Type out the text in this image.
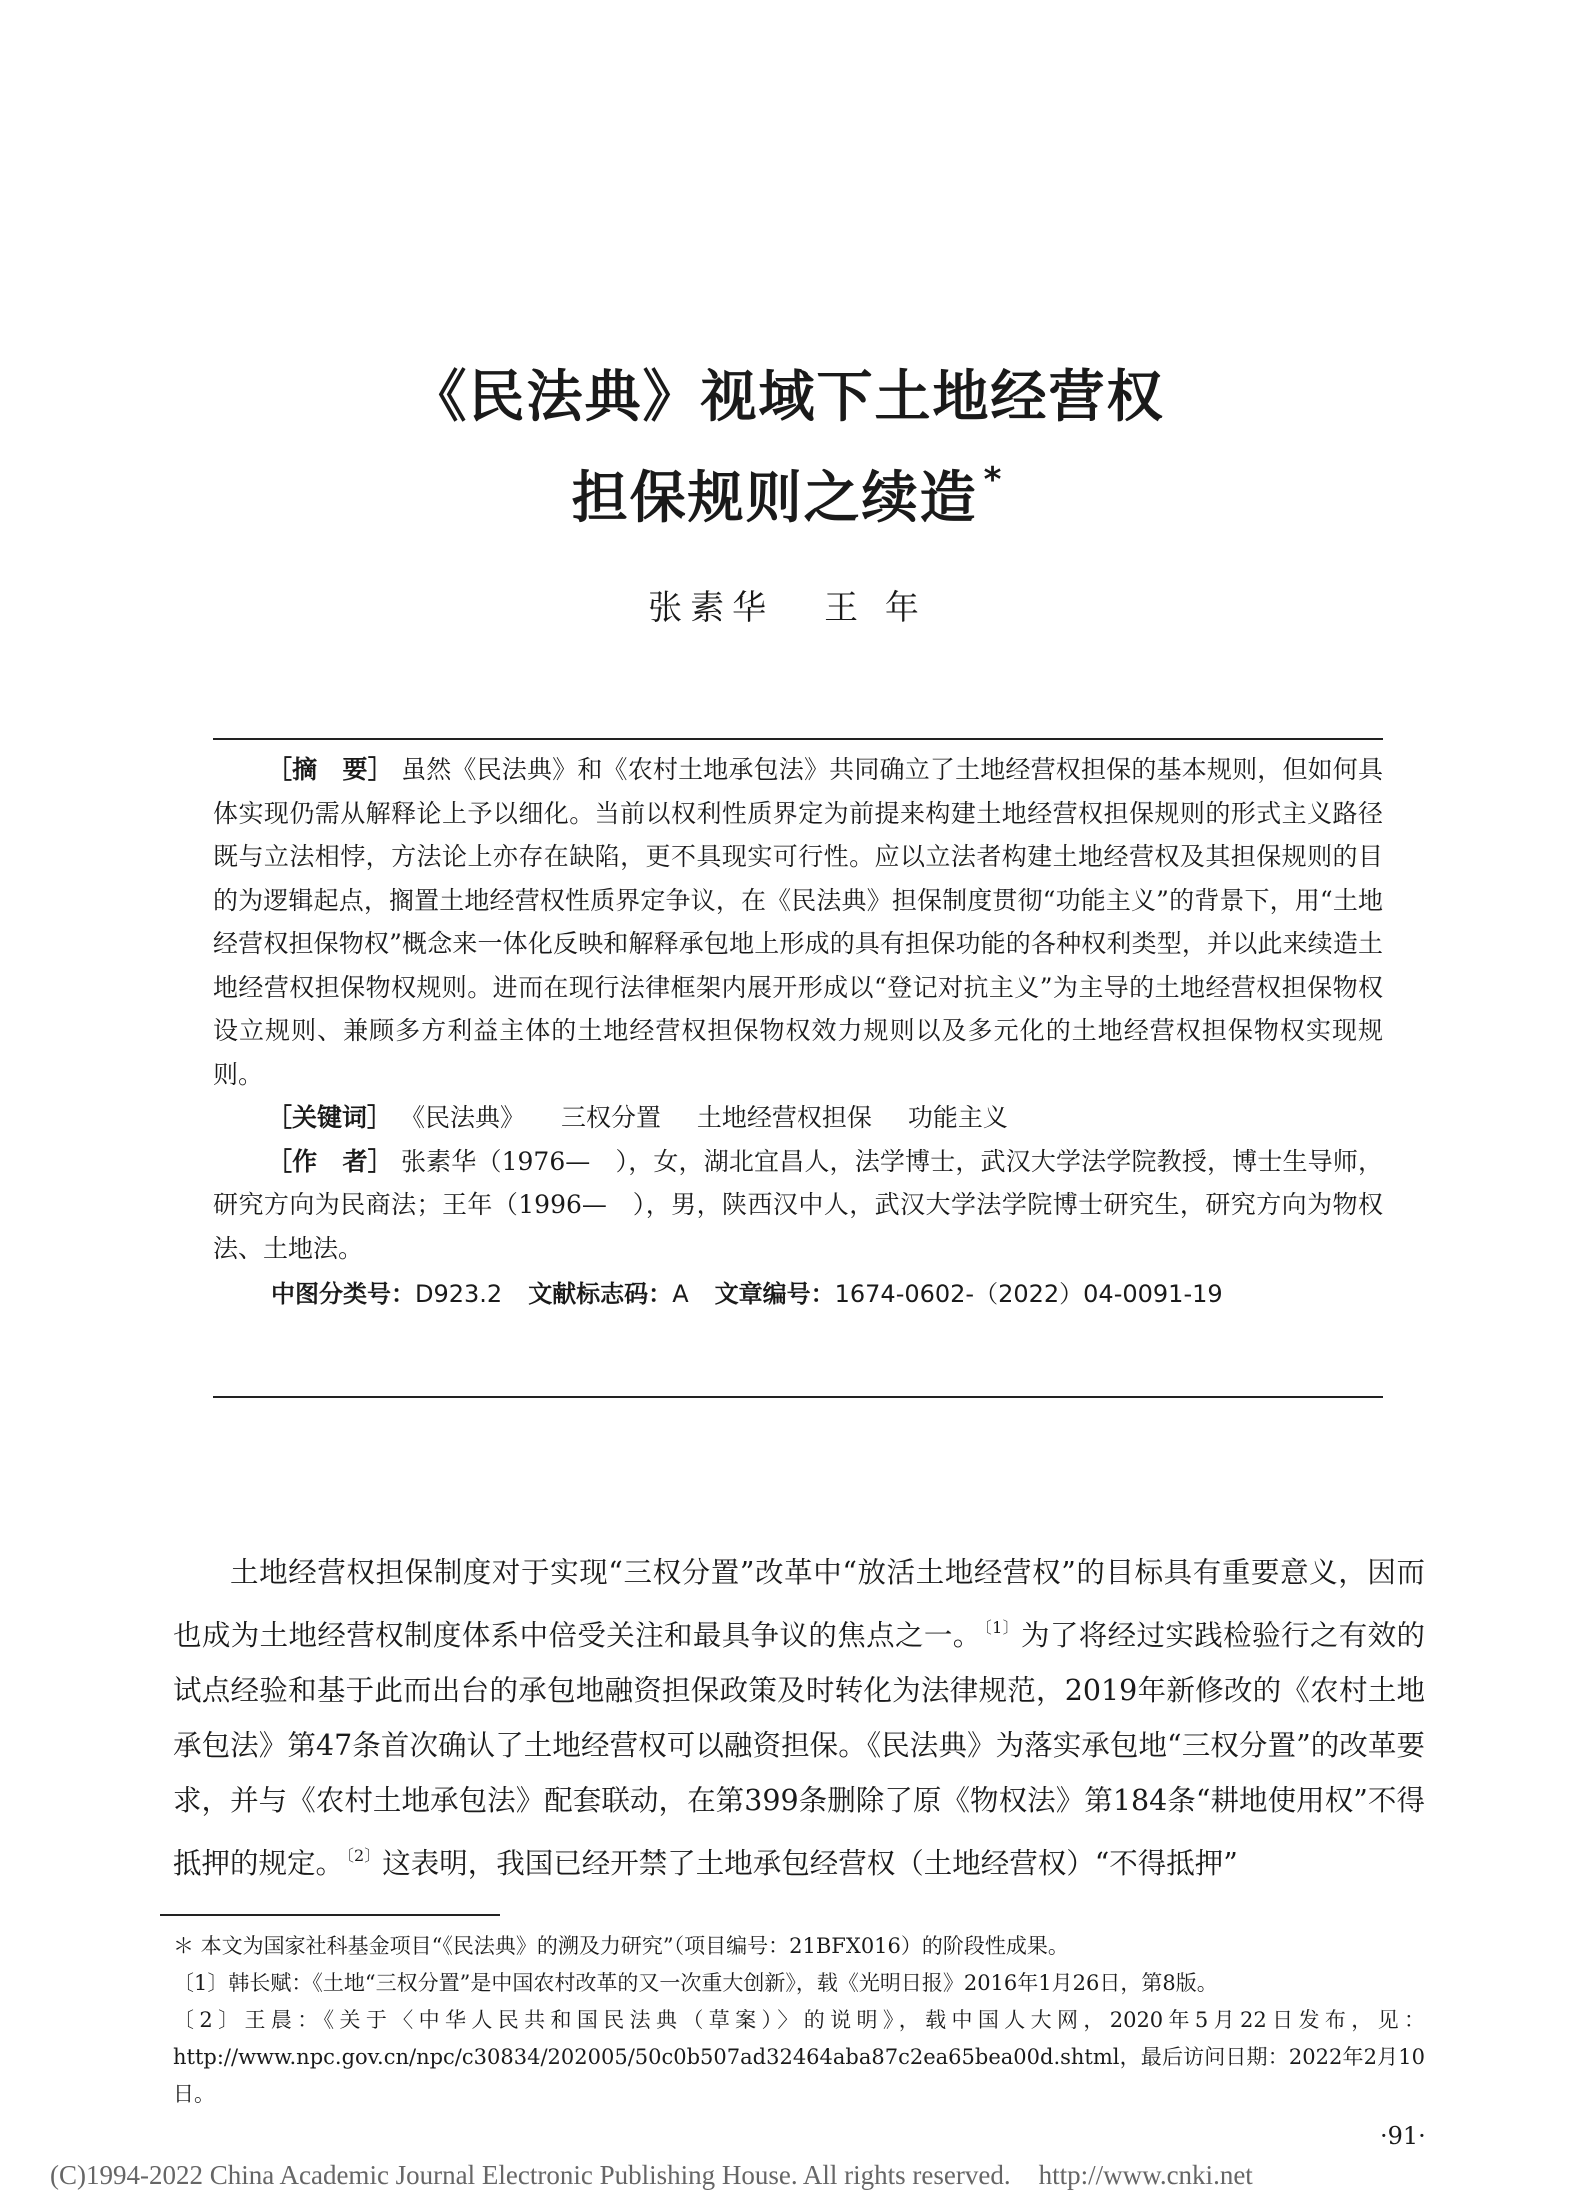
《民法典》视域下土地经营权
担保规则之续造 *
张素华 王 年

［摘　要］ 虽然《民法典》和《农村土地承包法》共同确立了土地经营权担保的基本规则，但如何具体实现仍需从解释论上予以细化。当前以权利性质界定为前提来构建土地经营权担保规则的形式主义路径既与立法相悖，方法论上亦存在缺陷，更不具现实可行性。应以立法者构建土地经营权及其担保规则的目的为逻辑起点，搁置土地经营权性质界定争议，在《民法典》担保制度贯彻“功能主义”的背景下，用“土地经营权担保物权”概念来一体化反映和解释承包地上形成的具有担保功能的各种权利类型，并以此来续造土地经营权担保物权规则。进而在现行法律框架内展开形成以“登记对抗主义”为主导的土地经营权担保物权设立规则、兼顾多方利益主体的土地经营权担保物权效力规则以及多元化的土地经营权担保物权实现规则。

［关键词］ 《民法典》 三权分置 土地经营权担保 功能主义

［作　者］ 张素华（1976—　），女，湖北宜昌人，法学博士，武汉大学法学院教授，博士生导师，研究方向为民商法；王年（1996—　），男，陕西汉中人，武汉大学法学院博士研究生，研究方向为物权法、土地法。

中图分类号：D923.2 文献标志码：A 文章编号：1674-0602-（2022）04-0091-19

土地经营权担保制度对于实现“三权分置”改革中“放活土地经营权”的目标具有重要意义，因而也成为土地经营权制度体系中倍受关注和最具争议的焦点之一。 $^{〔1〕}$为了将经过实践检验行之有效的试点经验和基于此而出台的承包地融资担保政策及时转化为法律规范，2019年新修改的《农村土地承包法》第47条首次确认了土地经营权可以融资担保。《民法典》为落实承包地“三权分置”的改革要求，并与《农村土地承包法》配套联动，在第399条删除了原《物权法》第184条“耕地使用权”不得抵押的规定。 $^{〔2〕}$这表明，我国已经开禁了土地承包经营权（土地经营权）“不得抵押”

＊ 本文为国家社科基金项目“《民法典》的溯及力研究”（项目编号：21BFX016）的阶段性成果。

〔1〕韩长赋：《土地“三权分置”是中国农村改革的又一次重大创新》，载《光明日报》2016年1月26日，第8版。

〔2〕王晨：《关于〈中华人民共和国民法典（草案）〉的说明》，载中国人大网，2020年5月22日发布，见：http://www.npc.gov.cn/npc/c30834/202005/50c0b507ad32464aba87c2ea65bea00d.shtml，最后访问日期：2022年2月10日。

·91·
(C)1994-2022 China Academic Journal Electronic Publishing House. All rights reserved. http://www.cnki.net
